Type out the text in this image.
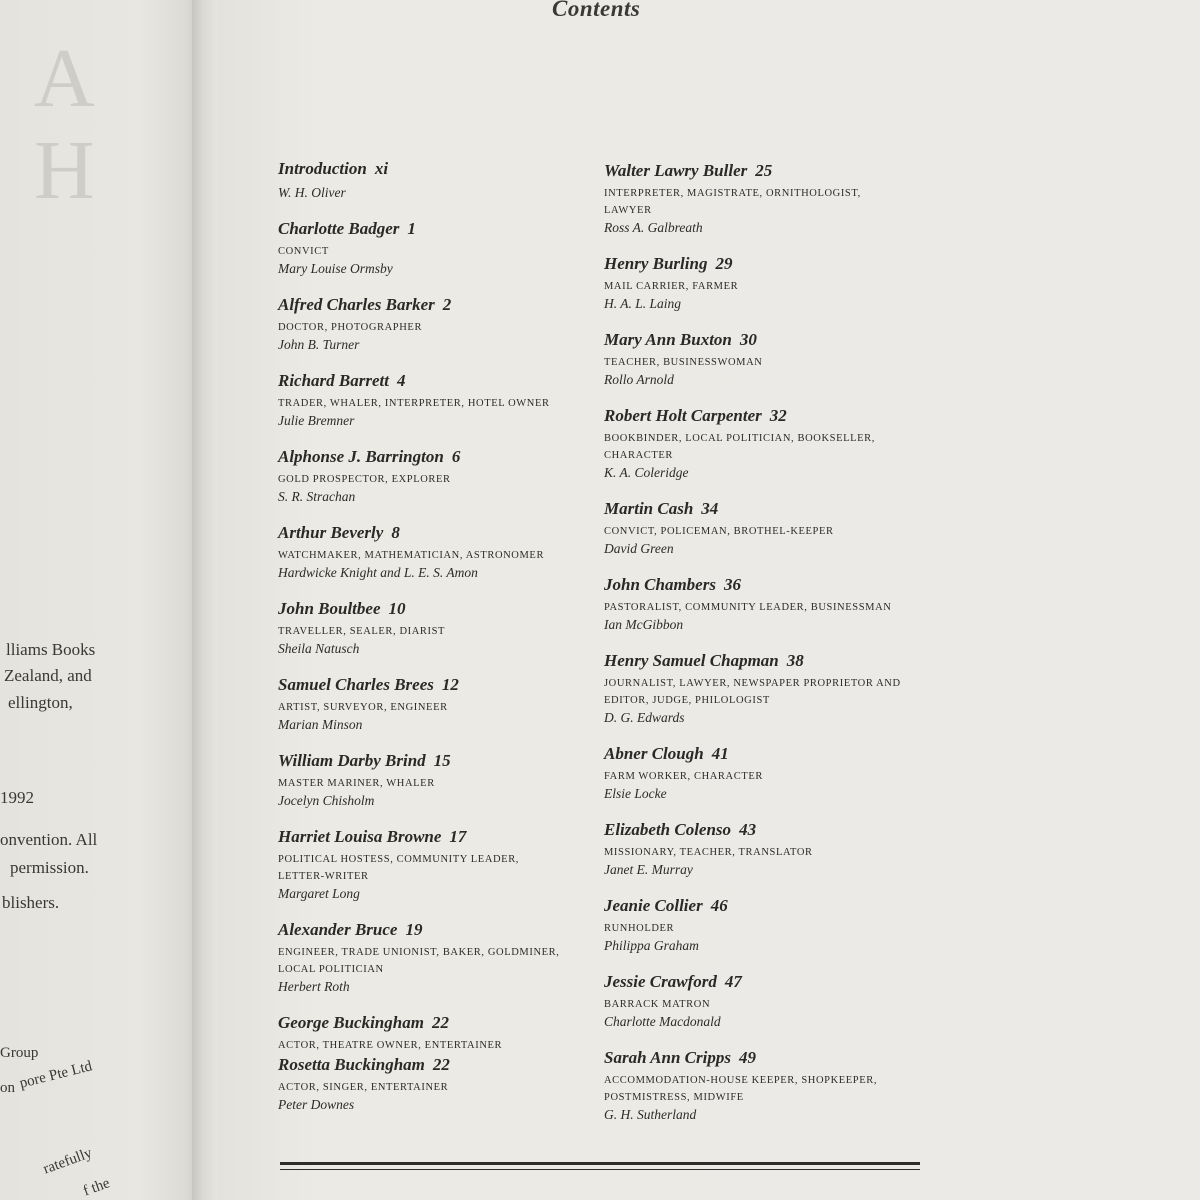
A
H
lliams Books
Zealand, and
ellington,
1992
onvention. All
permission.
blishers.
Group
on pore Pte Ltd
ratefully
f the
Contents
Introduction xi
W. H. Oliver
Charlotte Badger 1
CONVICT
Mary Louise Ormsby
Alfred Charles Barker 2
DOCTOR, PHOTOGRAPHER
John B. Turner
Richard Barrett 4
TRADER, WHALER, INTERPRETER, HOTEL OWNER
Julie Bremner
Alphonse J. Barrington 6
GOLD PROSPECTOR, EXPLORER
S. R. Strachan
Arthur Beverly 8
WATCHMAKER, MATHEMATICIAN, ASTRONOMER
Hardwicke Knight and L. E. S. Amon
John Boultbee 10
TRAVELLER, SEALER, DIARIST
Sheila Natusch
Samuel Charles Brees 12
ARTIST, SURVEYOR, ENGINEER
Marian Minson
William Darby Brind 15
MASTER MARINER, WHALER
Jocelyn Chisholm
Harriet Louisa Browne 17
POLITICAL HOSTESS, COMMUNITY LEADER, LETTER-WRITER
Margaret Long
Alexander Bruce 19
ENGINEER, TRADE UNIONIST, BAKER, GOLDMINER, LOCAL POLITICIAN
Herbert Roth
George Buckingham 22
ACTOR, THEATRE OWNER, ENTERTAINER
Rosetta Buckingham 22
ACTOR, SINGER, ENTERTAINER
Peter Downes
Walter Lawry Buller 25
INTERPRETER, MAGISTRATE, ORNITHOLOGIST, LAWYER
Ross A. Galbreath
Henry Burling 29
MAIL CARRIER, FARMER
H. A. L. Laing
Mary Ann Buxton 30
TEACHER, BUSINESSWOMAN
Rollo Arnold
Robert Holt Carpenter 32
BOOKBINDER, LOCAL POLITICIAN, BOOKSELLER, CHARACTER
K. A. Coleridge
Martin Cash 34
CONVICT, POLICEMAN, BROTHEL-KEEPER
David Green
John Chambers 36
PASTORALIST, COMMUNITY LEADER, BUSINESSMAN
Ian McGibbon
Henry Samuel Chapman 38
JOURNALIST, LAWYER, NEWSPAPER PROPRIETOR AND EDITOR, JUDGE, PHILOLOGIST
D. G. Edwards
Abner Clough 41
FARM WORKER, CHARACTER
Elsie Locke
Elizabeth Colenso 43
MISSIONARY, TEACHER, TRANSLATOR
Janet E. Murray
Jeanie Collier 46
RUNHOLDER
Philippa Graham
Jessie Crawford 47
BARRACK MATRON
Charlotte Macdonald
Sarah Ann Cripps 49
ACCOMMODATION-HOUSE KEEPER, SHOPKEEPER, POSTMISTRESS, MIDWIFE
G. H. Sutherland
